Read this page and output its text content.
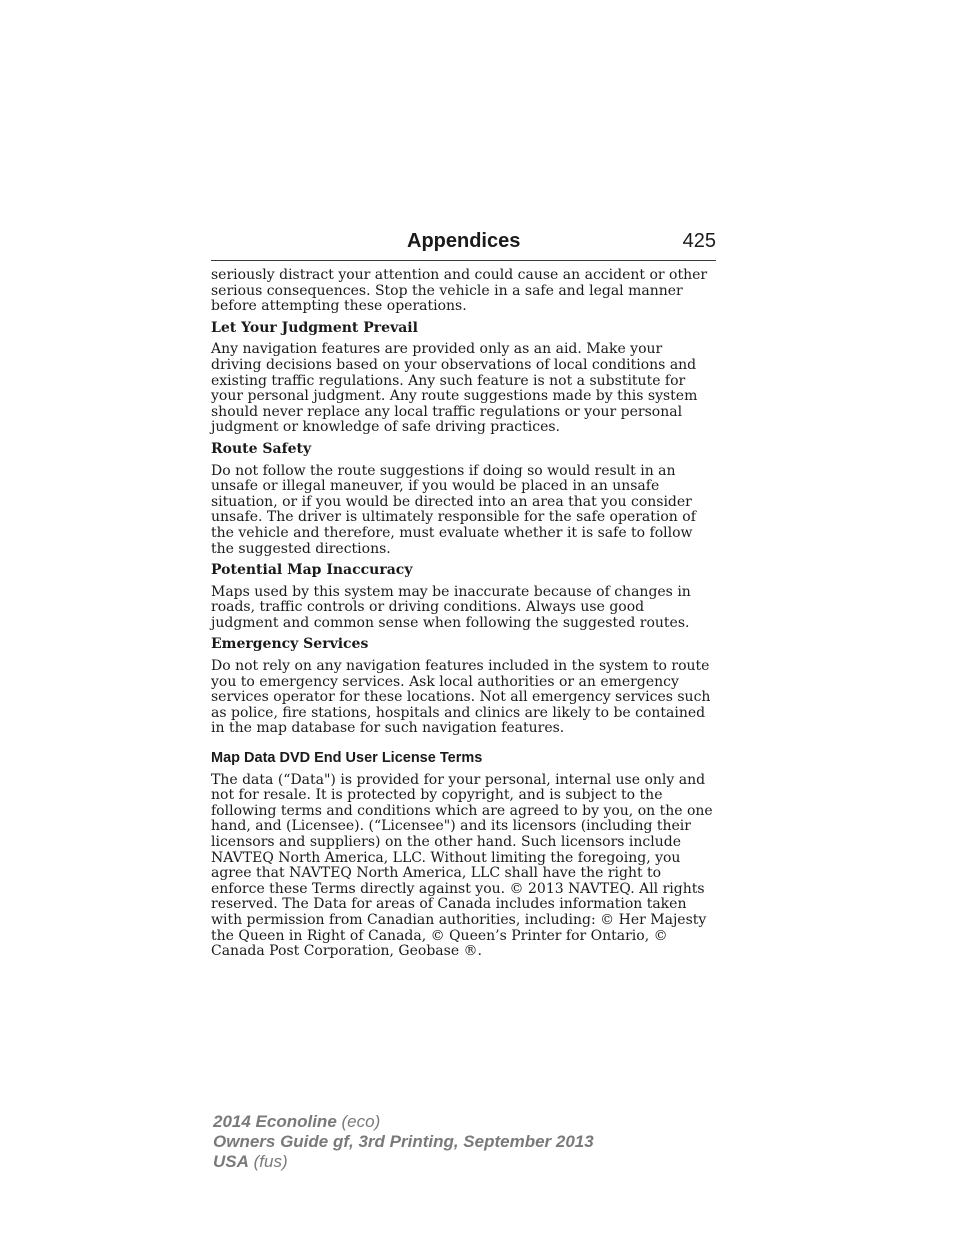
Appendices	425

seriously distract your attention and could cause an accident or other serious consequences. Stop the vehicle in a safe and legal manner before attempting these operations.

Let Your Judgment Prevail

Any navigation features are provided only as an aid. Make your driving decisions based on your observations of local conditions and existing traffic regulations. Any such feature is not a substitute for your personal judgment. Any route suggestions made by this system should never replace any local traffic regulations or your personal judgment or knowledge of safe driving practices.

Route Safety

Do not follow the route suggestions if doing so would result in an unsafe or illegal maneuver, if you would be placed in an unsafe situation, or if you would be directed into an area that you consider unsafe. The driver is ultimately responsible for the safe operation of the vehicle and therefore, must evaluate whether it is safe to follow the suggested directions.

Potential Map Inaccuracy

Maps used by this system may be inaccurate because of changes in roads, traffic controls or driving conditions. Always use good judgment and common sense when following the suggested routes.

Emergency Services

Do not rely on any navigation features included in the system to route you to emergency services. Ask local authorities or an emergency services operator for these locations. Not all emergency services such as police, fire stations, hospitals and clinics are likely to be contained in the map database for such navigation features.

Map Data DVD End User License Terms

The data (“Data") is provided for your personal, internal use only and not for resale. It is protected by copyright, and is subject to the following terms and conditions which are agreed to by you, on the one hand, and (Licensee). (“Licensee") and its licensors (including their licensors and suppliers) on the other hand. Such licensors include NAVTEQ North America, LLC. Without limiting the foregoing, you agree that NAVTEQ North America, LLC shall have the right to enforce these Terms directly against you. © 2013 NAVTEQ. All rights reserved. The Data for areas of Canada includes information taken with permission from Canadian authorities, including: © Her Majesty the Queen in Right of Canada, © Queen’s Printer for Ontario, © Canada Post Corporation, Geobase ®.

2014 Econoline (eco)
Owners Guide gf, 3rd Printing, September 2013
USA (fus)
